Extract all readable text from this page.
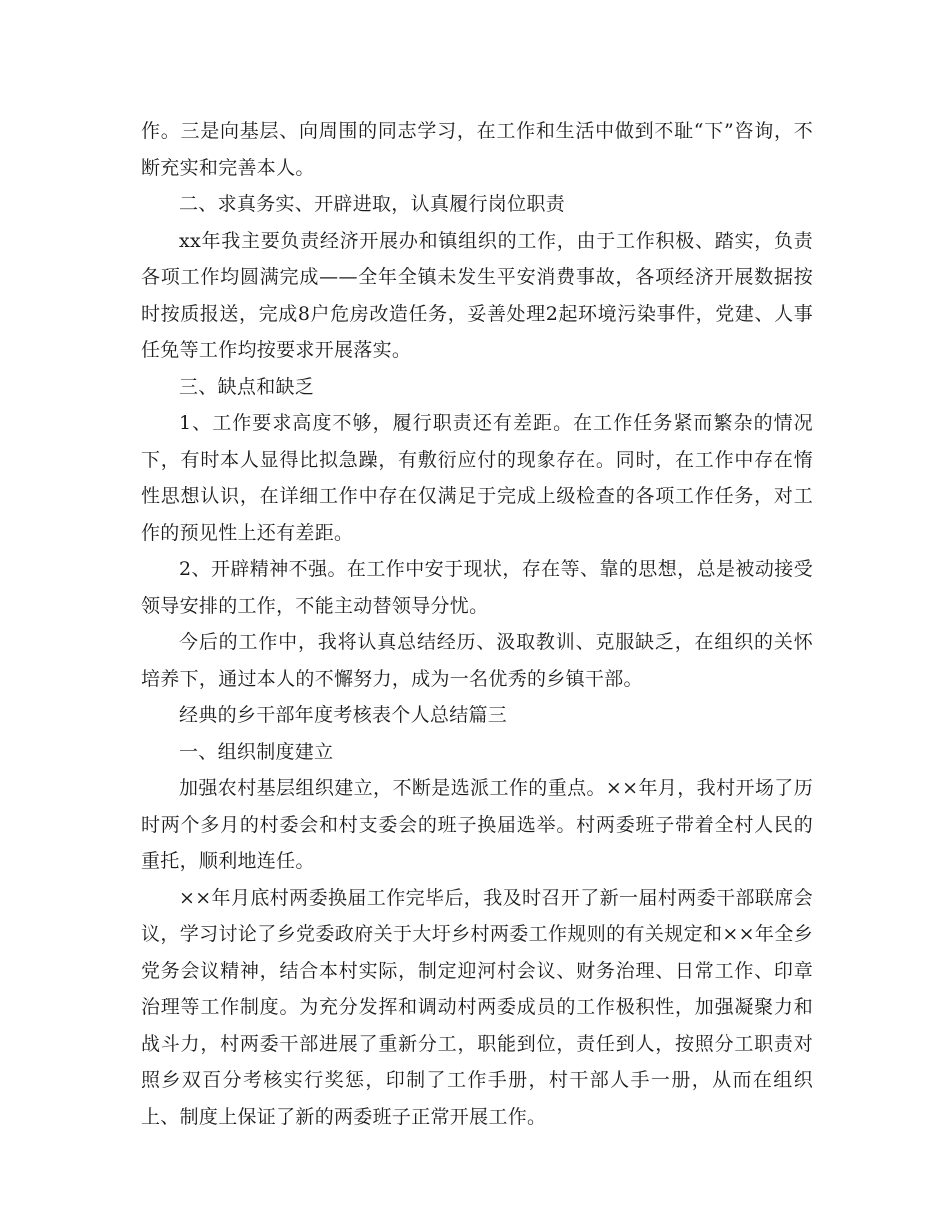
作。三是向基层、向周围的同志学习，在工作和生活中做到不耻“下”咨询，不断充实和完善本人。

二、求真务实、开辟进取，认真履行岗位职责

xx年我主要负责经济开展办和镇组织的工作，由于工作积极、踏实，负责各项工作均圆满完成——全年全镇未发生平安消费事故，各项经济开展数据按时按质报送，完成8户危房改造任务，妥善处理2起环境污染事件，党建、人事任免等工作均按要求开展落实。

三、缺点和缺乏

1、工作要求高度不够，履行职责还有差距。在工作任务紧而繁杂的情况下，有时本人显得比拟急躁，有敷衍应付的现象存在。同时，在工作中存在惰性思想认识，在详细工作中存在仅满足于完成上级检查的各项工作任务，对工作的预见性上还有差距。

2、开辟精神不强。在工作中安于现状，存在等、靠的思想，总是被动接受领导安排的工作，不能主动替领导分忧。

今后的工作中，我将认真总结经历、汲取教训、克服缺乏，在组织的关怀培养下，通过本人的不懈努力，成为一名优秀的乡镇干部。

经典的乡干部年度考核表个人总结篇三

一、组织制度建立

加强农村基层组织建立，不断是选派工作的重点。××年月，我村开场了历时两个多月的村委会和村支委会的班子换届选举。村两委班子带着全村人民的重托，顺利地连任。

××年月底村两委换届工作完毕后，我及时召开了新一届村两委干部联席会议，学习讨论了乡党委政府关于大圩乡村两委工作规则的有关规定和××年全乡党务会议精神，结合本村实际，制定迎河村会议、财务治理、日常工作、印章治理等工作制度。为充分发挥和调动村两委成员的工作极积性，加强凝聚力和战斗力，村两委干部进展了重新分工，职能到位，责任到人，按照分工职责对照乡双百分考核实行奖惩，印制了工作手册，村干部人手一册，从而在组织上、制度上保证了新的两委班子正常开展工作。
